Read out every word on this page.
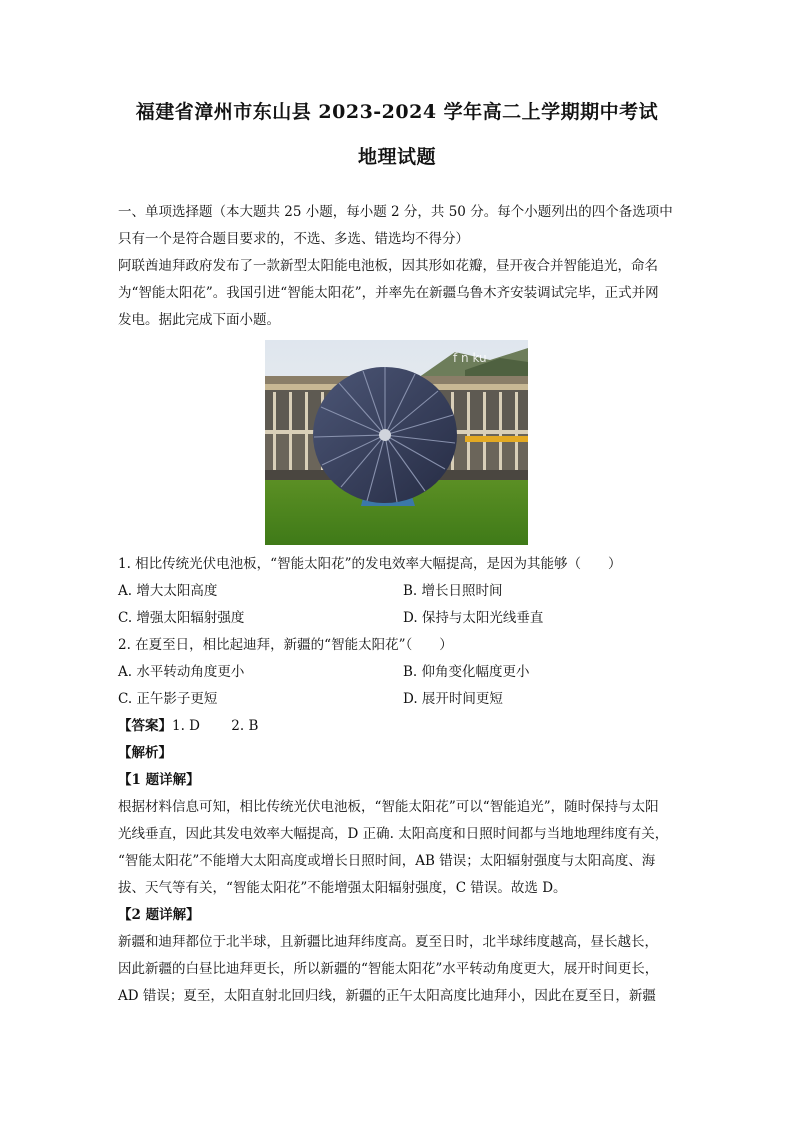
福建省漳州市东山县 2023-2024 学年高二上学期期中考试
地理试题
一、单项选择题（本大题共 25 小题，每小题 2 分，共 50 分。每个小题列出的四个备选项中
只有一个是符合题目要求的，不选、多选、错选均不得分）
阿联酋迪拜政府发布了一款新型太阳能电池板，因其形如花瓣，昼开夜合并智能追光，命名
为“智能太阳花”。我国引进“智能太阳花”，并率先在新疆乌鲁木齐安装调试完毕，正式并网
发电。据此完成下面小题。
f n ku
1. 相比传统光伏电池板，“智能太阳花”的发电效率大幅提高，是因为其能够（　　）
A. 增大太阳高度	B. 增长日照时间
C. 增强太阳辐射强度	D. 保持与太阳光线垂直
2. 在夏至日，相比起迪拜，新疆的“智能太阳花”（　　）
A. 水平转动角度更小	B. 仰角变化幅度更小
C. 正午影子更短	D. 展开时间更短
【答案】1. D　　 2. B
【解析】
【1 题详解】
根据材料信息可知，相比传统光伏电池板，“智能太阳花”可以“智能追光”，随时保持与太阳
光线垂直，因此其发电效率大幅提高，D 正确. 太阳高度和日照时间都与当地地理纬度有关，
“智能太阳花”不能增大太阳高度或增长日照时间，AB 错误；太阳辐射强度与太阳高度、海
拔、天气等有关，“智能太阳花”不能增强太阳辐射强度，C 错误。故选 D。
【2 题详解】
新疆和迪拜都位于北半球，且新疆比迪拜纬度高。夏至日时，北半球纬度越高，昼长越长，
因此新疆的白昼比迪拜更长，所以新疆的“智能太阳花”水平转动角度更大，展开时间更长，
AD 错误；夏至，太阳直射北回归线，新疆的正午太阳高度比迪拜小，因此在夏至日，新疆
